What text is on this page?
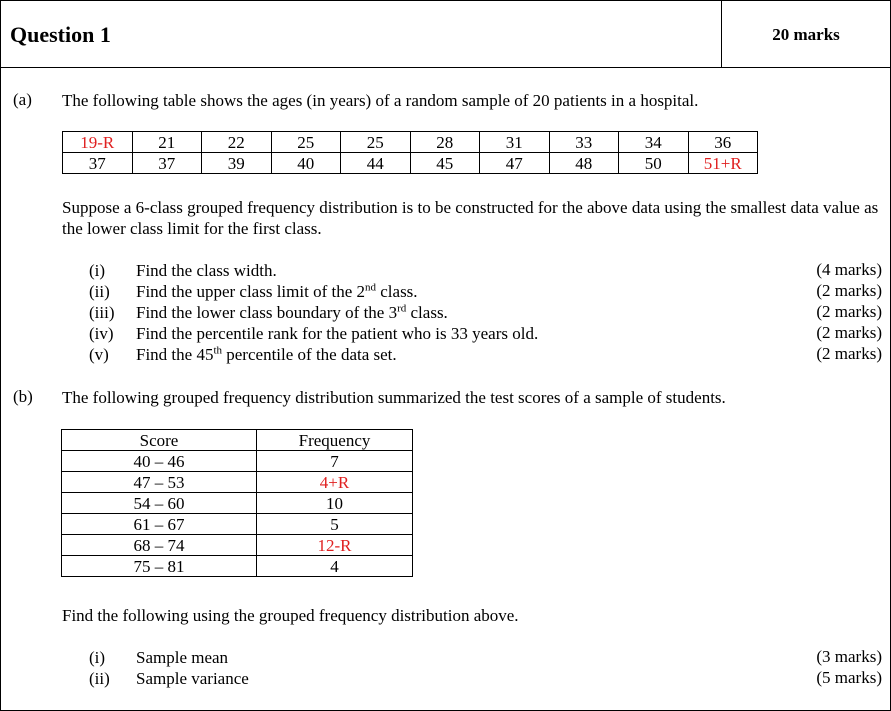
Question 1	20 marks
(a) The following table shows the ages (in years) of a random sample of 20 patients in a hospital.
19-R	21	22	25	25	28	31	33	34	36
37	37	39	40	44	45	47	48	50	51+R
Suppose a 6-class grouped frequency distribution is to be constructed for the above data using the smallest data value as the lower class limit for the first class.
(i) Find the class width.	(4 marks)
(ii) Find the upper class limit of the 2nd class.	(2 marks)
(iii) Find the lower class boundary of the 3rd class.	(2 marks)
(iv) Find the percentile rank for the patient who is 33 years old.	(2 marks)
(v) Find the 45th percentile of the data set.	(2 marks)
(b) The following grouped frequency distribution summarized the test scores of a sample of students.
Score	Frequency
40 – 46	7
47 – 53	4+R
54 – 60	10
61 – 67	5
68 – 74	12-R
75 – 81	4
Find the following using the grouped frequency distribution above.
(i) Sample mean	(3 marks)
(ii) Sample variance	(5 marks)
